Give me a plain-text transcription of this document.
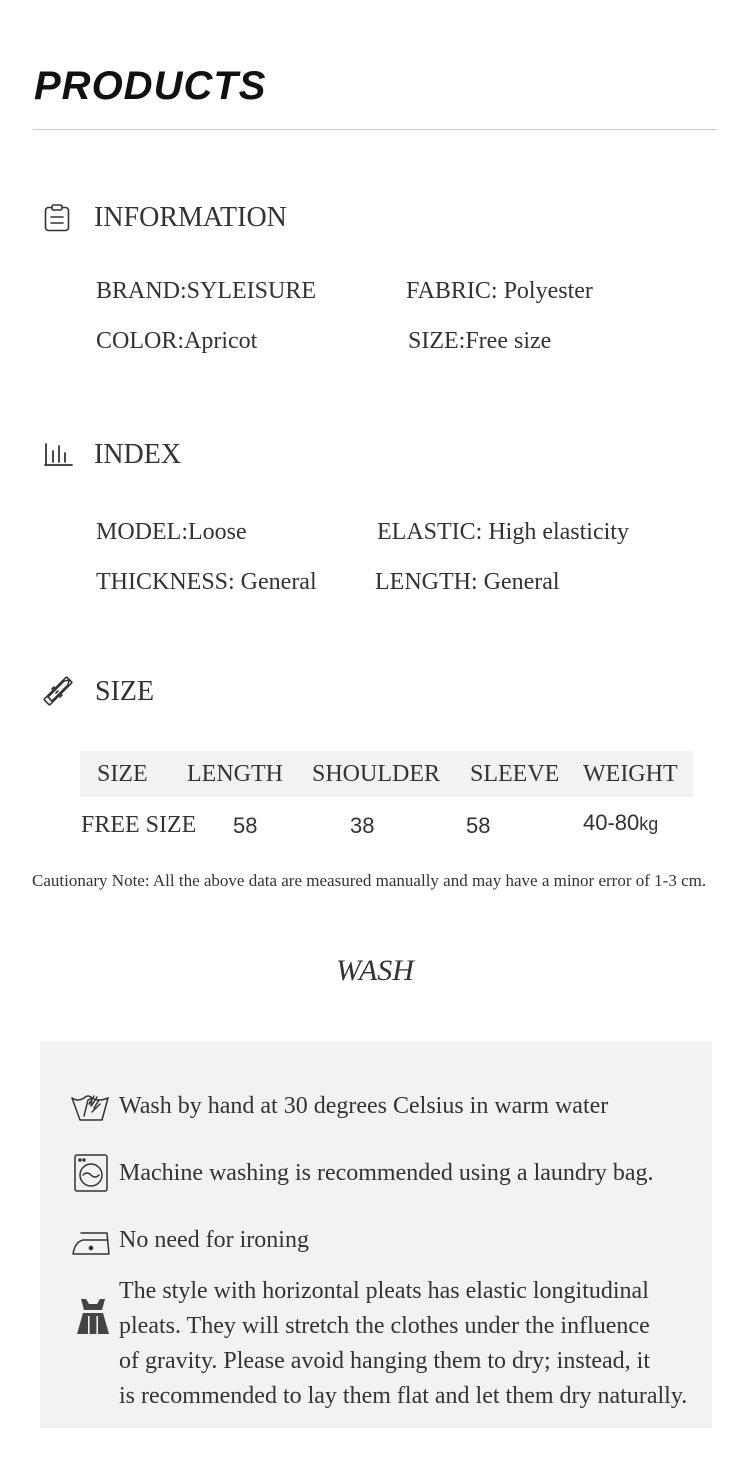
PRODUCTS
INFORMATION
BRAND:SYLEISURE	FABRIC: Polyester
COLOR:Apricot	SIZE:Free size
INDEX
MODEL:Loose	ELASTIC: High elasticity
THICKNESS: General LENGTH: General
SIZE
SIZE LENGTH SHOULDER SLEEVE WEIGHT
FREE SIZE 58	38	58	40-80kg
Cautionary Note: All the above data are measured manually and may have a minor error of 1-3 cm.
WASH
Wash by hand at 30 degrees Celsius in warm water
Machine washing is recommended using a laundry bag.
No need for ironing
The style with horizontal pleats has elastic longitudinal
pleats. They will stretch the clothes under the influence
of gravity. Please avoid hanging them to dry; instead, it
is recommended to lay them flat and let them dry naturally.
